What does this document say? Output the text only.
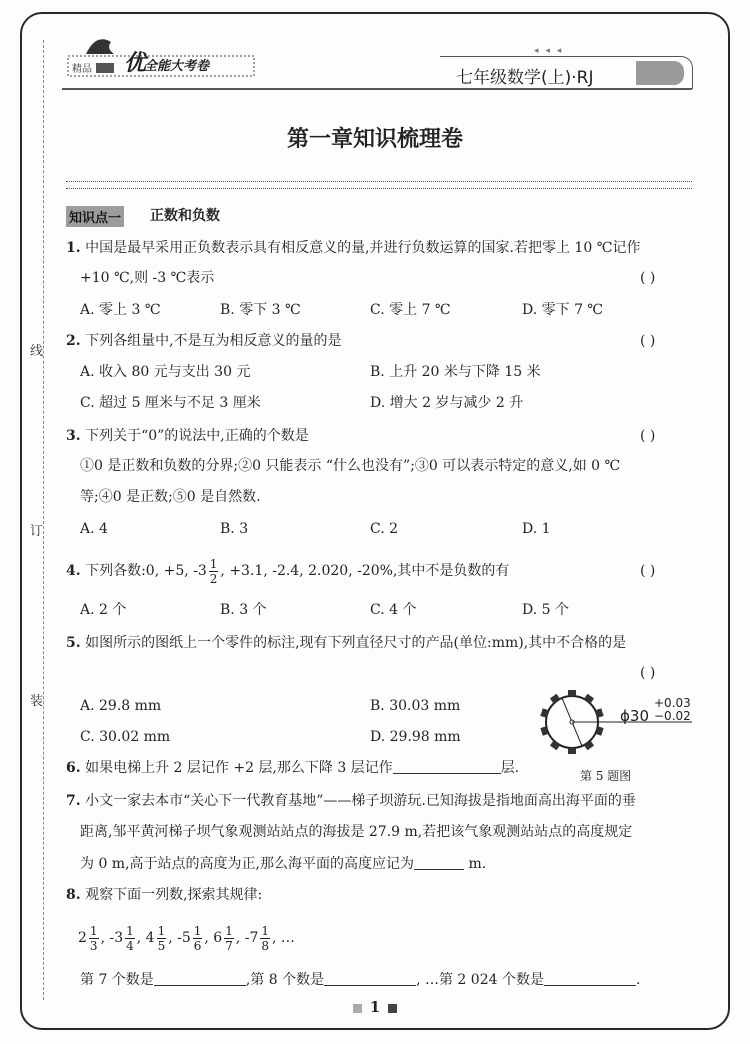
线
订
装
精品 优全能大考卷
◂ ◂ ◂
七年级数学(上)·RJ
第一章知识梳理卷
知识点一 正数和负数
1. 中国是最早采用正负数表示具有相反意义的量,并进行负数运算的国家.若把零上 10 ℃记作
+10 ℃,则 -3 ℃表示	( )
A. 零上 3 ℃	B. 零下 3 ℃	C. 零上 7 ℃	D. 零下 7 ℃
2. 下列各组量中,不是互为相反意义的量的是	( )
A. 收入 80 元与支出 30 元	B. 上升 20 米与下降 15 米
C. 超过 5 厘米与不足 3 厘米	D. 增大 2 岁与减少 2 升
3. 下列关于“0”的说法中,正确的个数是	( )
①0 是正数和负数的分界;②0 只能表示 “什么也没有”;③0 可以表示特定的意义,如 0 ℃
等;④0 是正数;⑤0 是自然数.
A. 4	B. 3	C. 2	D. 1
4. 下列各数:0, +5, $-3 \frac{1}{2}$ , +3.1, -2.4, 2.020, -20%,其中不是负数的有	( )
A. 2 个	B. 3 个	C. 4 个	D. 5 个
5. 如图所示的图纸上一个零件的标注,现有下列直径尺寸的产品(单位:mm),其中不合格的是
( )
A. 29.8 mm	B. 30.03 mm
C. 30.02 mm	D. 29.98 mm
ϕ30
+0.03
−0.02
第 5 题图
6. 如果电梯上升 2 层记作 +2 层,那么下降 3 层记作	层.
7. 小文一家去本市“关心下一代教育基地”——梯子坝游玩.已知海拔是指地面高出海平面的垂
距离,邹平黄河梯子坝气象观测站站点的海拔是 27.9 m,若把该气象观测站站点的高度规定
为 0 m,高于站点的高度为正,那么海平面的高度应记为	m.
8. 观察下面一列数,探索其规律:
$2 \frac{1}{3}$ , $-3 \frac{1}{4}$ , $4 \frac{1}{5}$ , $-5 \frac{1}{6}$ , $6 \frac{1}{7}$ , $-7 \frac{1}{8}$ , …
第 7 个数是	,第 8 个数是	, …第 2 024 个数是	.
1
